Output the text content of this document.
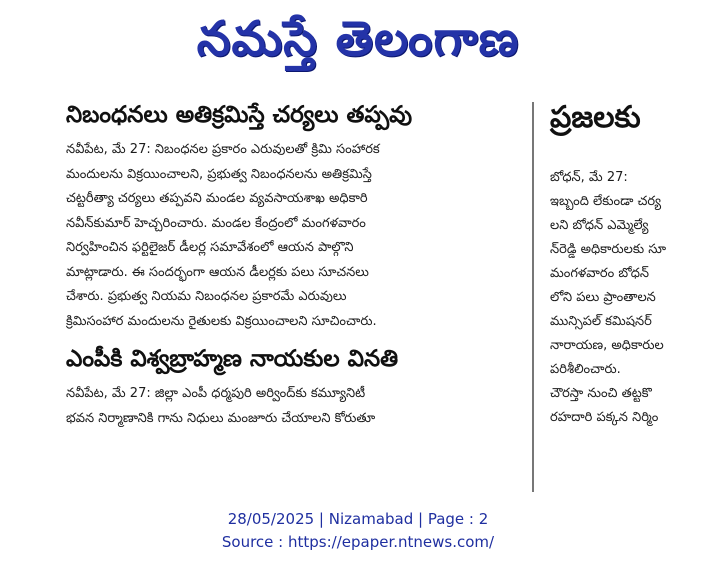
నమస్తే తెలంగాణ
నిబంధనలు అతిక్రమిస్తే చర్యలు తప్పవు
నవీపేట, మే 27: నిబంధనల ప్రకారం ఎరువులతో క్రిమి సంహారక
మందులను విక్రయించాలని, ప్రభుత్వ నిబంధనలను అతిక్రమిస్తే
చట్టరీత్యా చర్యలు తప్పవని మండల వ్యవసాయశాఖ అధికారి
నవీన్‌కుమార్ హెచ్చరించారు. మండల కేంద్రంలో మంగళవారం
నిర్వహించిన ఫర్టిలైజర్ డీలర్ల సమావేశంలో ఆయన పాల్గొని
మాట్లాడారు. ఈ సందర్భంగా ఆయన డీలర్లకు పలు సూచనలు
చేశారు. ప్రభుత్వ నియమ నిబంధనల ప్రకారమే ఎరువులు
క్రిమిసంహార మందులను రైతులకు విక్రయించాలని సూచించారు.
ఎంపీకి విశ్వబ్రాహ్మణ నాయకుల వినతి
నవీపేట, మే 27: జిల్లా ఎంపీ ధర్మపురి అర్వింద్‌కు కమ్యూనిటీ
భవన నిర్మాణానికి గాను నిధులు మంజూరు చేయాలని కోరుతూ
ప్రజలకు
బోధన్, మే 27:
ఇబ్బంది లేకుండా చర్య
లని బోధన్ ఎమ్మెల్యే
న్‌రెడ్డి అధికారులకు సూ
మంగళవారం బోధన్
లోని పలు ప్రాంతాలన
మున్సిపల్ కమిషనర్
నారాయణ, అధికారుల
పరిశీలించారు.
చౌరస్తా నుంచి తట్టకొ
రహదారి పక్కన నిర్మిం
28/05/2025 | Nizamabad | Page : 2
Source : https://epaper.ntnews.com/
